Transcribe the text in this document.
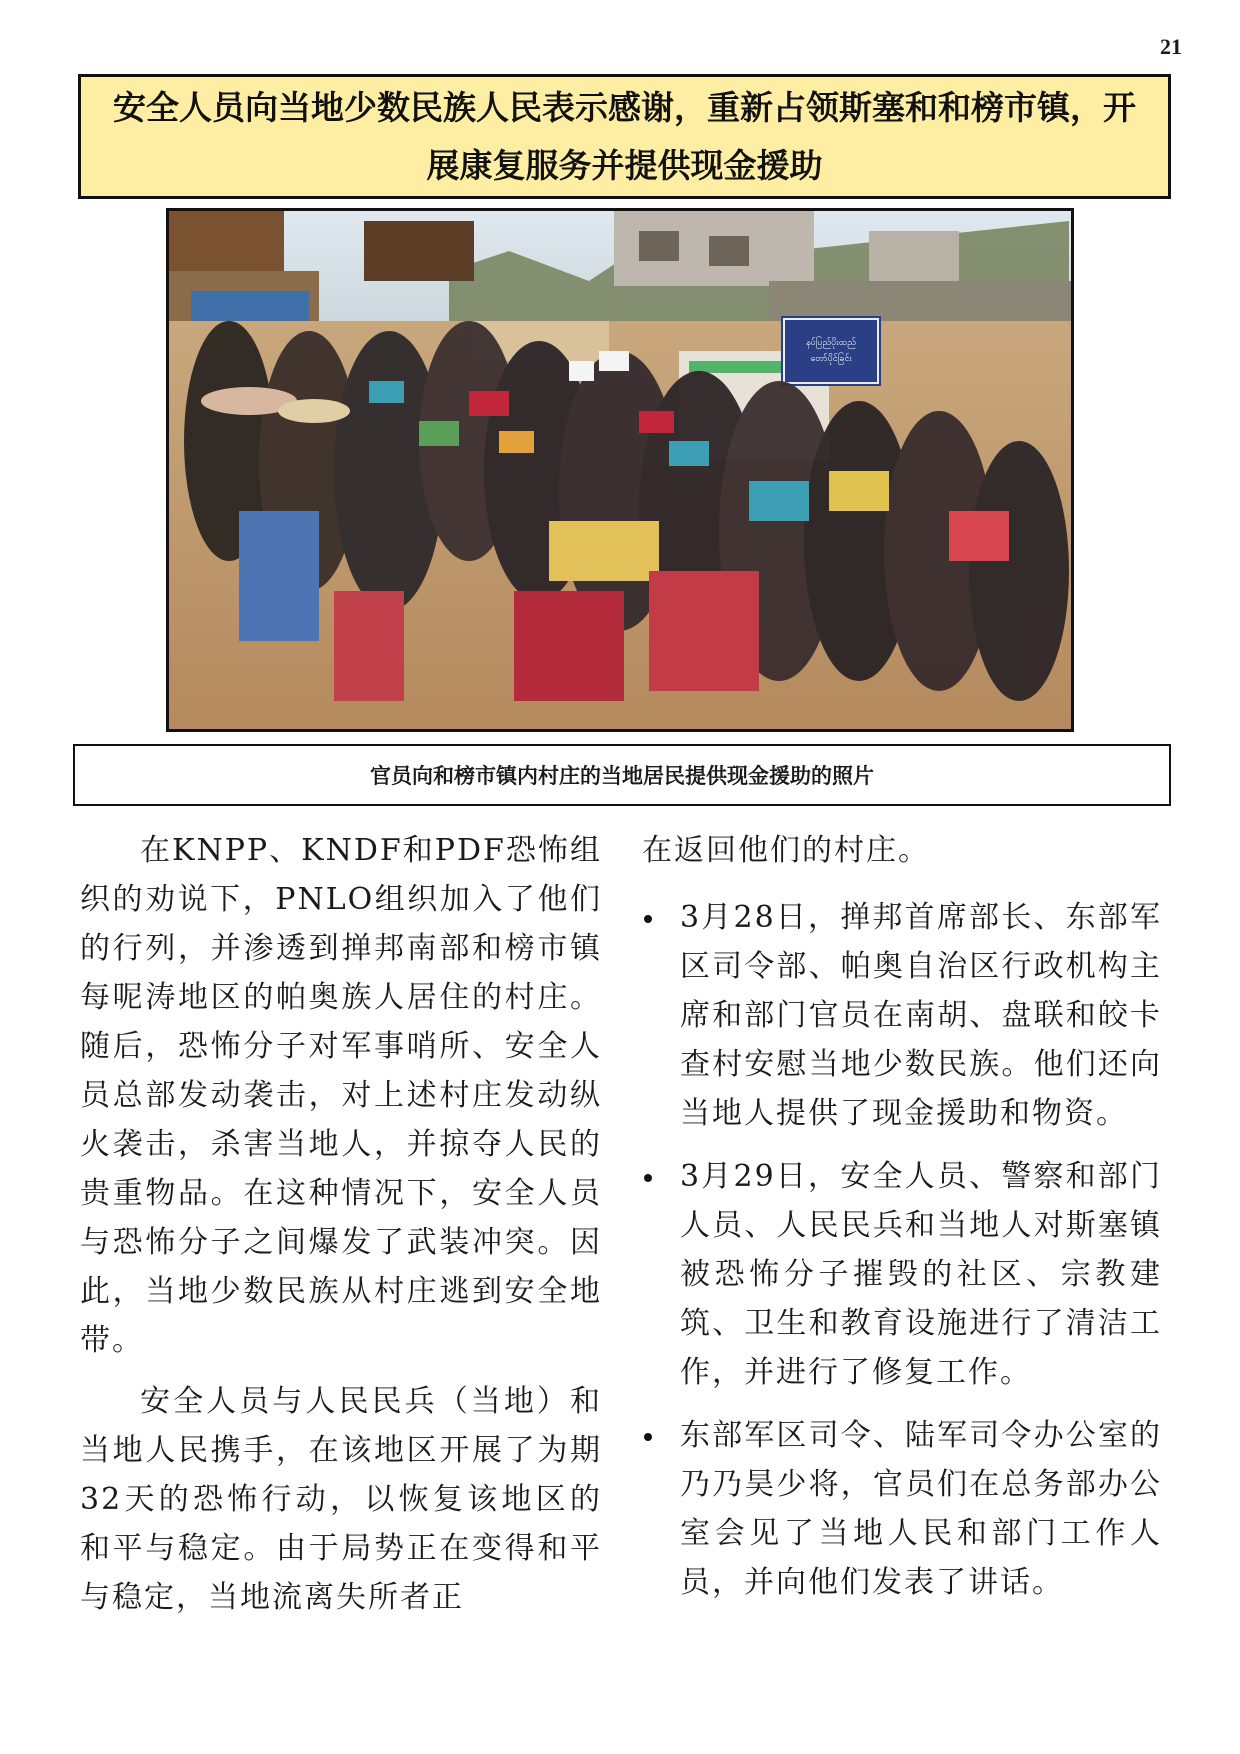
21
安全人员向当地少数民族人民表示感谢，重新占领斯塞和和榜市镇，开展康复服务并提供现金援助
နပ်ပြည်ပိုးထည်
တော်ပိုင်ခြင်း
官员向和榜市镇内村庄的当地居民提供现金援助的照片

在KNPP、KNDF和PDF恐怖组织的劝说下，PNLO组织加入了他们的行列，并渗透到掸邦南部和榜市镇每呢涛地区的帕奥族人居住的村庄。随后，恐怖分子对军事哨所、安全人员总部发动袭击，对上述村庄发动纵火袭击，杀害当地人，并掠夺人民的贵重物品。在这种情况下，安全人员与恐怖分子之间爆发了武装冲突。因此，当地少数民族从村庄逃到安全地带。

安全人员与人民民兵（当地）和当地人民携手，在该地区开展了为期32天的恐怖行动，以恢复该地区的和平与稳定。由于局势正在变得和平与稳定，当地流离失所者正

在返回他们的村庄。

3月28日，掸邦首席部长、东部军区司令部、帕奥自治区行政机构主席和部门官员在南胡、盘联和皎卡查村安慰当地少数民族。他们还向当地人提供了现金援助和物资。
3月29日，安全人员、警察和部门人员、人民民兵和当地人对斯塞镇被恐怖分子摧毁的社区、宗教建筑、卫生和教育设施进行了清洁工作，并进行了修复工作。
东部军区司令、陆军司令办公室的乃乃昊少将，官员们在总务部办公室会见了当地人民和部门工作人员，并向他们发表了讲话。
